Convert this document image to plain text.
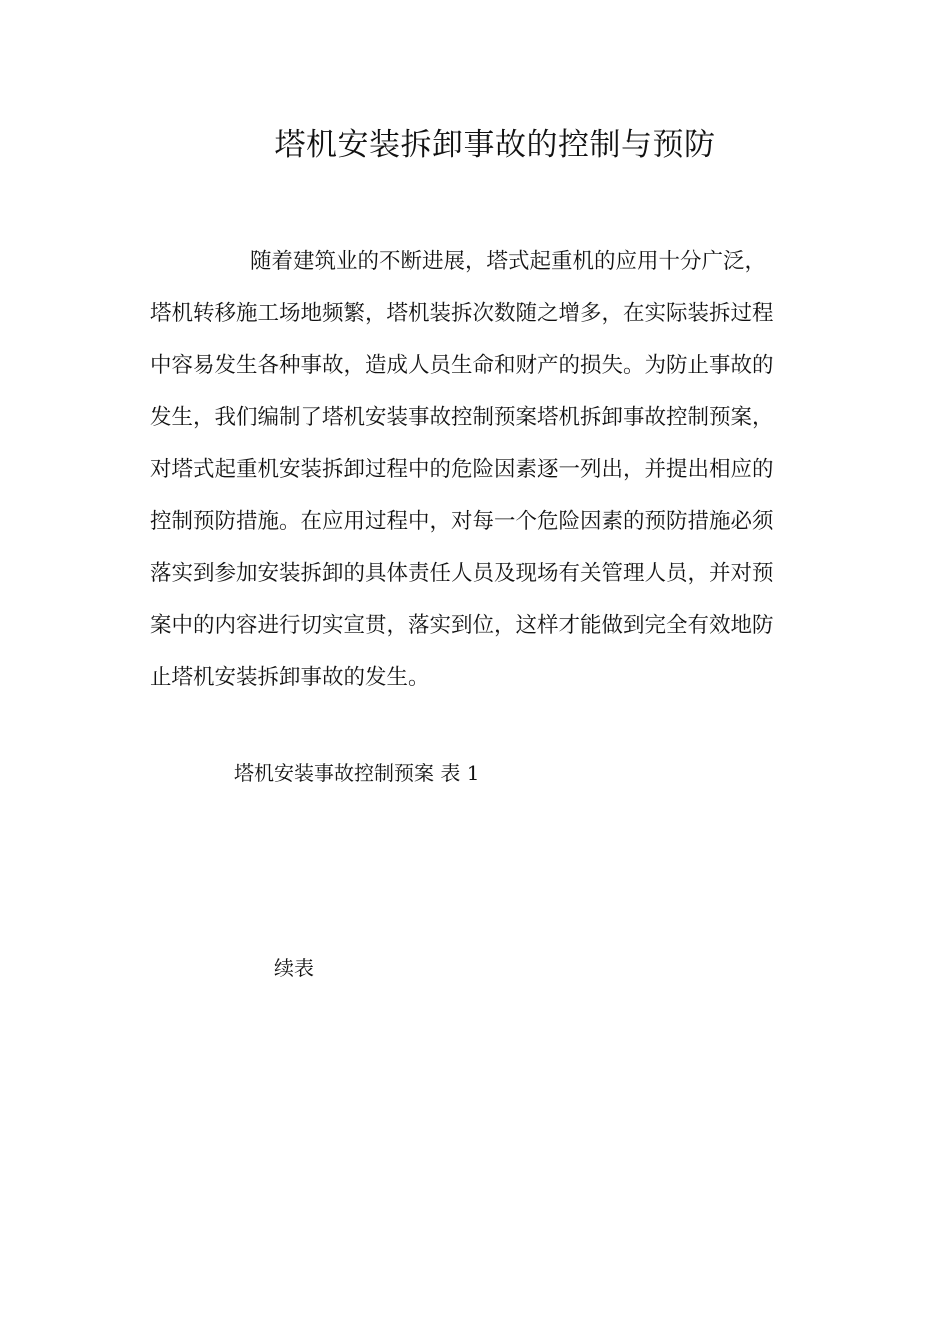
塔机安装拆卸事故的控制与预防
随着建筑业的不断进展，塔式起重机的应用十分广泛，
塔机转移施工场地频繁，塔机装拆次数随之增多，在实际装拆过程
中容易发生各种事故，造成人员生命和财产的损失。为防止事故的
发生，我们编制了塔机安装事故控制预案塔机拆卸事故控制预案，
对塔式起重机安装拆卸过程中的危险因素逐一列出，并提出相应的
控制预防措施。在应用过程中，对每一个危险因素的预防措施必须
落实到参加安装拆卸的具体责任人员及现场有关管理人员，并对预
案中的内容进行切实宣贯，落实到位，这样才能做到完全有效地防
止塔机安装拆卸事故的发生。
塔机安装事故控制预案 表 1
续表
